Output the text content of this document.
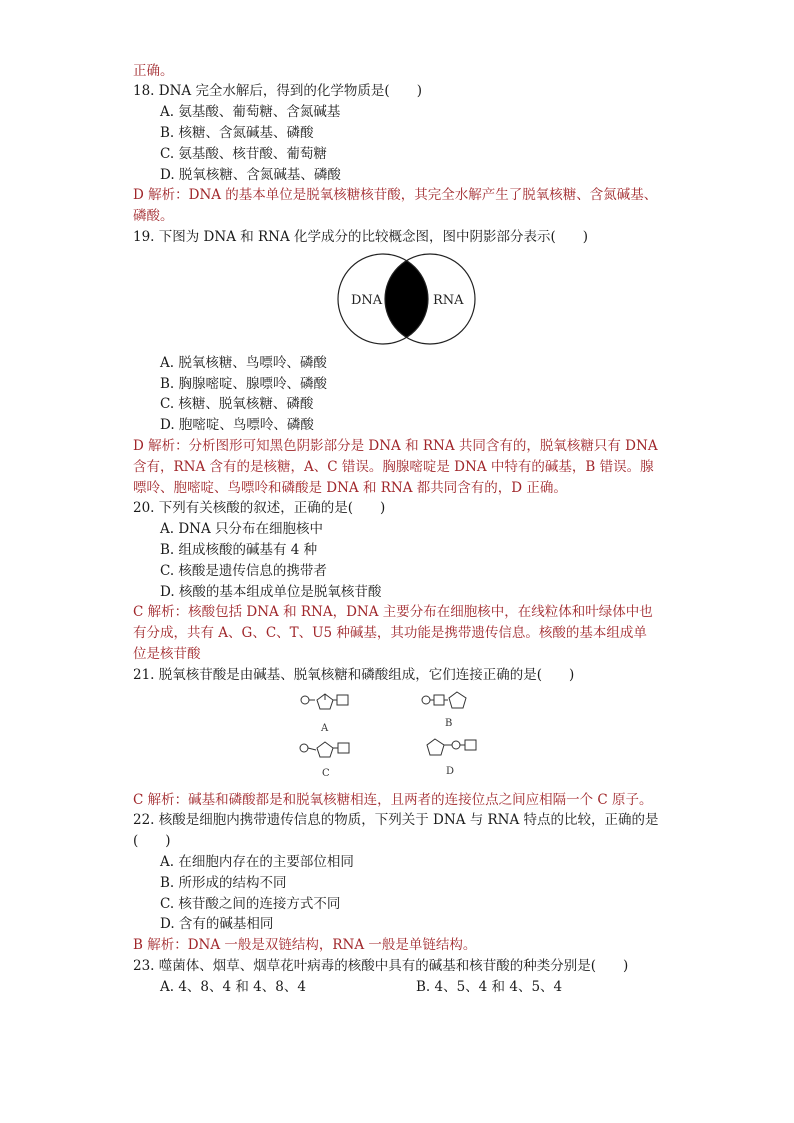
正确。
18. DNA 完全水解后，得到的化学物质是(　　)
A. 氨基酸、葡萄糖、含氮碱基
B. 核糖、含氮碱基、磷酸
C. 氨基酸、核苷酸、葡萄糖
D. 脱氧核糖、含氮碱基、磷酸
D 解析：DNA 的基本单位是脱氧核糖核苷酸，其完全水解产生了脱氧核糖、含氮碱基、
磷酸。
19. 下图为 DNA 和 RNA 化学成分的比较概念图，图中阴影部分表示(　　)
DNA	RNA
A. 脱氧核糖、鸟嘌呤、磷酸
B. 胸腺嘧啶、腺嘌呤、磷酸
C. 核糖、脱氧核糖、磷酸
D. 胞嘧啶、鸟嘌呤、磷酸
D 解析：分析图形可知黑色阴影部分是 DNA 和 RNA 共同含有的，脱氧核糖只有 DNA
含有，RNA 含有的是核糖，A、C 错误。胸腺嘧啶是 DNA 中特有的碱基，B 错误。腺
嘌呤、胞嘧啶、鸟嘌呤和磷酸是 DNA 和 RNA 都共同含有的，D 正确。
20. 下列有关核酸的叙述，正确的是(　　)
A. DNA 只分布在细胞核中
B. 组成核酸的碱基有 4 种
C. 核酸是遗传信息的携带者
D. 核酸的基本组成单位是脱氧核苷酸
C 解析：核酸包括 DNA 和 RNA，DNA 主要分布在细胞核中，在线粒体和叶绿体中也
有分成，共有 A、G、C、T、U5 种碱基，其功能是携带遗传信息。核酸的基本组成单
位是核苷酸
21. 脱氧核苷酸是由碱基、脱氧核糖和磷酸组成，它们连接正确的是(　　)
A	B
C	D
C 解析：碱基和磷酸都是和脱氧核糖相连，且两者的连接位点之间应相隔一个 C 原子。
22. 核酸是细胞内携带遗传信息的物质，下列关于 DNA 与 RNA 特点的比较，正确的是
(　　)
A. 在细胞内存在的主要部位相同
B. 所形成的结构不同
C. 核苷酸之间的连接方式不同
D. 含有的碱基相同
B 解析：DNA 一般是双链结构，RNA 一般是单链结构。
23. 噬菌体、烟草、烟草花叶病毒的核酸中具有的碱基和核苷酸的种类分别是(　　)
A. 4、8、4 和 4、8、4	B. 4、5、4 和 4、5、4
